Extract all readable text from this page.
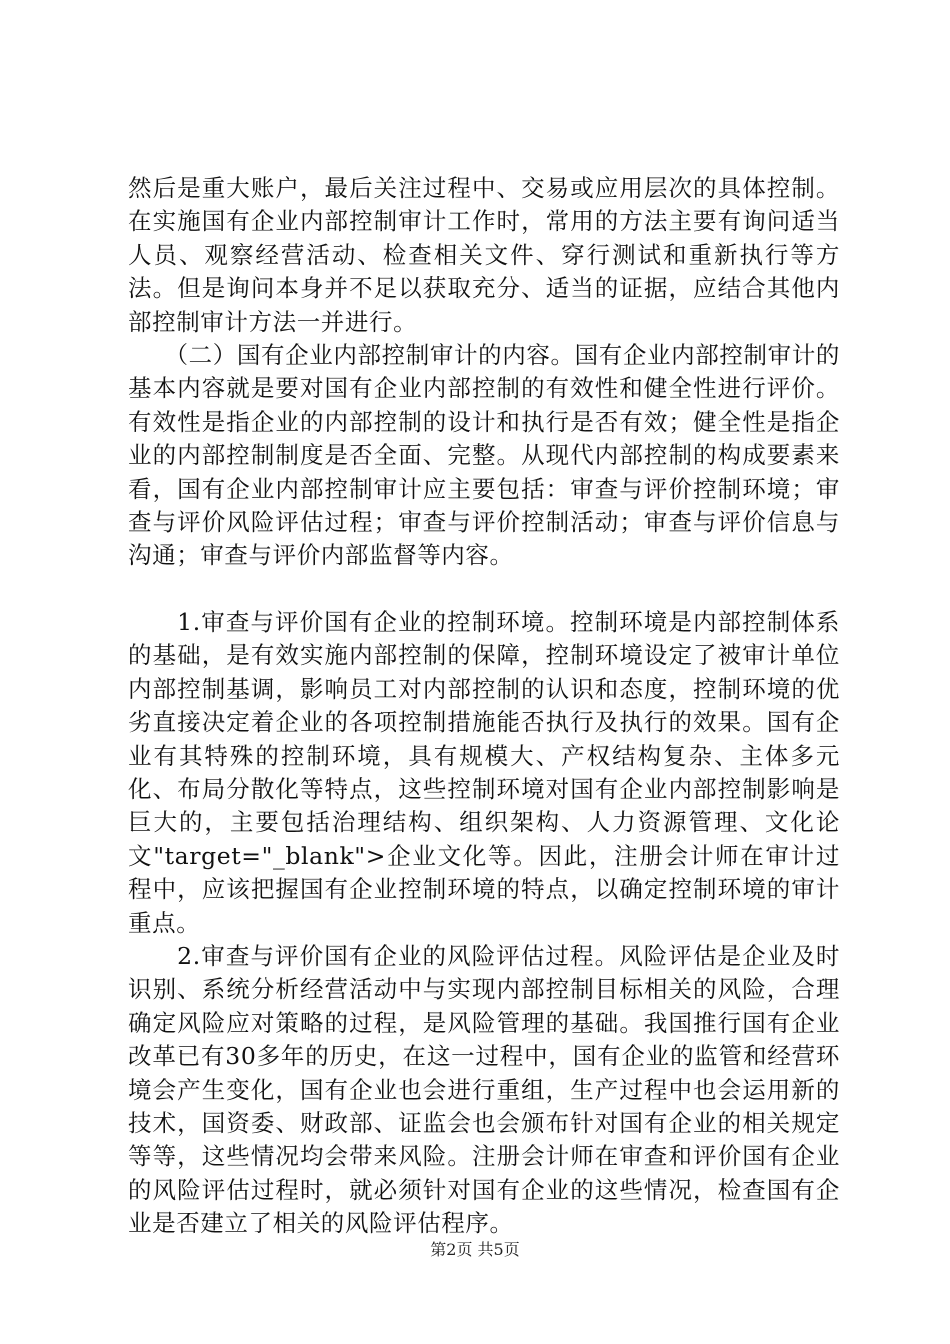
然后是重大账户，最后关注过程中、交易或应用层次的具体控制。在实施国有企业内部控制审计工作时，常用的方法主要有询问适当人员、观察经营活动、检查相关文件、穿行测试和重新执行等方法。但是询问本身并不足以获取充分、适当的证据，应结合其他内部控制审计方法一并进行。

　　（二）国有企业内部控制审计的内容。国有企业内部控制审计的基本内容就是要对国有企业内部控制的有效性和健全性进行评价。有效性是指企业的内部控制的设计和执行是否有效；健全性是指企业的内部控制制度是否全面、完整。从现代内部控制的构成要素来看，国有企业内部控制审计应主要包括：审查与评价控制环境；审查与评价风险评估过程；审查与评价控制活动；审查与评价信息与沟通；审查与评价内部监督等内容。

　　1.审查与评价国有企业的控制环境。控制环境是内部控制体系的基础，是有效实施内部控制的保障，控制环境设定了被审计单位内部控制基调，影响员工对内部控制的认识和态度，控制环境的优劣直接决定着企业的各项控制措施能否执行及执行的效果。国有企业有其特殊的控制环境，具有规模大、产权结构复杂、主体多元化、布局分散化等特点，这些控制环境对国有企业内部控制影响是巨大的，主要包括治理结构、组织架构、人力资源管理、文化论文"target="_blank">企业文化等。因此，注册会计师在审计过程中，应该把握国有企业控制环境的特点，以确定控制环境的审计重点。

　　2.审查与评价国有企业的风险评估过程。风险评估是企业及时识别、系统分析经营活动中与实现内部控制目标相关的风险，合理确定风险应对策略的过程，是风险管理的基础。我国推行国有企业改革已有30多年的历史，在这一过程中，国有企业的监管和经营环境会产生变化，国有企业也会进行重组，生产过程中也会运用新的技术，国资委、财政部、证监会也会颁布针对国有企业的相关规定等等，这些情况均会带来风险。注册会计师在审查和评价国有企业的风险评估过程时，就必须针对国有企业的这些情况，检查国有企业是否建立了相关的风险评估程序。

第2页 共5页
